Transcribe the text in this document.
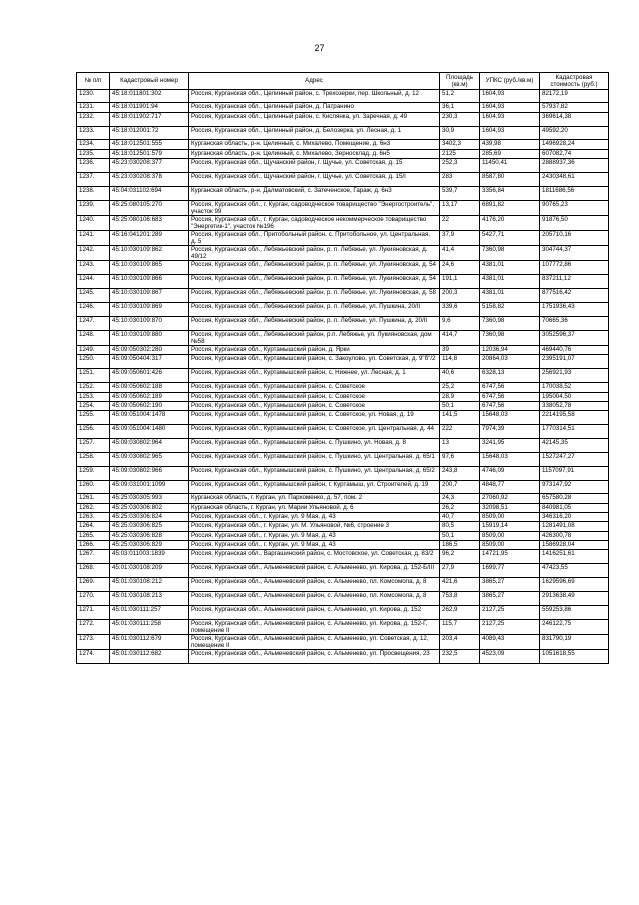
27
№ п/п	Кадастровый номер	Адрес	Площадь (кв.м)	УПКС (руб./кв.м)	Кадастровая стоимость (руб.)
1230.	45:18:011801:302	Россия, Курганская обл., Целинный район, с. Трехозерки, пер. Школьный, д. 12	51,2	1604,93	82172,19
1231.	45:18:011901:94	Россия, Курганская обл., Целинный район, д. Патранино	36,1	1604,93	57937,82
1232.	45:18:011902:717	Россия, Курганская обл., Целинный район, с. Кислянка, ул. Заречная, д. 49	230,3	1604,93	369614,38
1233.	45:18:012001:72	Россия, Курганская обл., Целинный район, д. Белозерка, ул. Лесная, д. 1	30,9	1604,93	49592,20
1234.	45:18:012501:555	Курганская область, р-н. Целинный, с. Михалево, Помещение, д. 6н3	3402,3	439,98	1496928,24
1235.	45:18:012501:579	Курганская область, р-н. Целинный, с. Михалево, Зерносклад, д. 6н5	2125	285,69	607082,74
1236.	45:23:030208:377	Россия, Курганская обл., Щучанский район, г. Щучье, ул. Советская, д. 15	252,3	11450,41	2888937,36
1237.	45:23:030208:378	Россия, Курганская обл., Щучанский район, г. Щучье, ул. Советская, д. 15/I	283	8587,80	2430348,61
1238.	45:04:031102:694	Курганская область, р-н. Далматовский, с. Затеченское, Гараж, д. 6н3	539,7	3356,84	1811686,56
1239.	45:25:080105:270	Россия, Курганская обл., г. Курган, садоводческое товарищество "Энергостроитель", участок 99	13,17	6891,82	90765,23
1240.	45:25:080106:683	Россия, Курганская обл., г. Курган, садоводческое некоммерческое товарищество "Энергетик-1", участок №196	22	4176,20	91876,50
1241.	45:16:041201:289	Россия, Курганская обл., Притобольный район, с. Притобольное, ул. Центральная, д. 5	37,9	5427,71	205710,16
1242.	45:10:030109:862	Россия, Курганская обл., Лебяжьевский район, р. п. Лебяжье, ул. Лукияновская, д. 49/12	41,4	7360,98	304744,37
1243.	45:10:030109:865	Россия, Курганская обл., Лебяжьевский район, р. п. Лебяжье, ул. Лукияновская, д. 54	24,6	4381,01	107772,86
1244.	45:10:030109:866	Россия, Курганская обл., Лебяжьевский район, р. п. Лебяжье, ул. Лукияновская, д. 54	191,1	4381,01	837211,12
1245.	45:10:030109:867	Россия, Курганская обл., Лебяжьевский район, р. п. Лебяжье, ул. Лукияновская, д. 58	200,3	4381,01	877516,42
1246.	45:10:030109:869	Россия, Курганская обл., Лебяжьевский район, р. п. Лебяжье, ул. Пушкина, 20/II	339,6	5158,82	1751936,43
1247.	45:10:030109:870	Россия, Курганская обл., Лебяжьевский район, р. п. Лебяжье, ул. Пушкина, д. 20/II	9,6	7360,98	70665,36
1248.	45:10:030109:880	Россия, Курганская обл., Лебяжьевский район, р.п. Лебяжье, ул. Лукияновская, дом №58	414,7	7360,98	3052596,37
1249.	45:09:050302:280	Россия, Курганская обл., Куртамышский район, д. Ярки	39	12036,94	469440,76
1250.	45:09:050404:317	Россия, Курганская обл., Куртамышский район, с. Закоулово, ул. Советская, д. 9"б"/2	114,8	20864,03	2395191,07
1251.	45:09:050601:426	Россия, Курганская обл., Куртамышский район, с. Нижнее, ул. Лесная, д. 1	40,6	6328,13	256921,93
1252.	45:09:050602:188	Россия, Курганская обл., Куртамышский район, с. Советское	25,2	6747,56	170038,52
1253.	45:09:050602:189	Россия, Курганская обл., Куртамышский район, с. Советское	28,9	6747,56	195004,50
1254.	45:09:050602:190	Россия, Курганская обл., Куртамышский район, с. Советское	50,1	6747,56	338052,78
1255.	45:09:051004:1478	Россия, Курганская обл., Куртамышский район, с. Советское, ул. Новая, д. 19	141,5	15648,03	2214195,58
1256.	45:09:051004:1480	Россия, Курганская обл., Куртамышский район, с. Советское, ул. Центральная, д. 44	222	7974,39	1770314,51
1257.	45:09:030802:964	Россия, Курганская обл., Куртамышский район, с. Пушкино, ул. Новая, д. 8	13	3241,95	42145,35
1258.	45:09:030802:965	Россия, Курганская обл., Куртамышский район, с. Пушкино, ул. Центральная, д. 65/1	97,6	15648,03	1527247,27
1259.	45:09:030802:966	Россия, Курганская обл., Куртамышский район, с. Пушкино, ул. Центральная, д. 65/2	243,8	4746,09	1157097,91
1260.	45:09:031001:1099	Россия, Курганская обл., Куртамышский район, г. Куртамыш, ул. Строителей, д. 19	200,7	4848,77	973147,92
1261.	45:25:030305:993	Курганская область, г. Курган, ул. Пархоменко, д. 57, пом. 2	24,3	27060,92	657580,28
1262.	45:25:030306:802	Курганская область, г. Курган, ул. Марии Ульяновой, д. 6	26,2	32098,51	840981,05
1263.	45:25:030306:824	Россия, Курганская обл., г. Курган, ул. 9 Мая, д. 43	40,7	8509,00	346316,20
1264.	45:25:030306:825	Россия, Курганская обл., г. Курган, ул. М. Ульяновой, №6, строение 3	80,5	15919,14	1281491,08
1265.	45:25:030306:828	Россия, Курганская обл., г. Курган, ул. 9 Мая, д. 43	50,1	8509,00	426300,78
1266.	45:25:030306:829	Россия, Курганская обл., г. Курган, ул. 9 Мая, д. 43	186,5	8509,00	1586928,04
1267.	45:03:011003:1839	Россия, Курганская обл., Варгашинский район, с. Мостовское, ул. Советская, д. 83/2	96,2	14721,95	1416251,61
1268.	45:01:030108:209	Россия, Курганская обл., Альменевский район, с. Альменево, ул. Кирова, д. 152-Б/III	27,9	1699,77	47423,55
1269.	45:01:030108:212	Россия, Курганская обл., Альменевский район, с. Альменево, пл. Комсомола, д. 8	421,6	3865,27	1629596,69
1270.	45:01:030108:213	Россия, Курганская обл., Альменевский район, с. Альменево, пл. Комсомола, д. 8	753,8	3865,27	2913638,49
1271.	45:01:030111:257	Россия, Курганская обл., Альменевский район, с. Альменево, ул. Кирова, д. 152	262,9	2127,25	559253,86
1272.	45:01:030111:258	Россия, Курганская обл., Альменевский район, с. Альменево, ул. Кирова, д. 152-Г, помещение II	115,7	2127,25	246122,75
1273.	45:01:030112:679	Россия, Курганская обл., Альменевский район, с. Альменево, ул. Советская, д. 12, помещение II	203,4	4089,43	831790,19
1274.	45:01:030112:682	Россия, Курганская обл., Альменевский район, с. Альменево, ул. Просвещения, 23	232,5	4523,09	1051618,55
